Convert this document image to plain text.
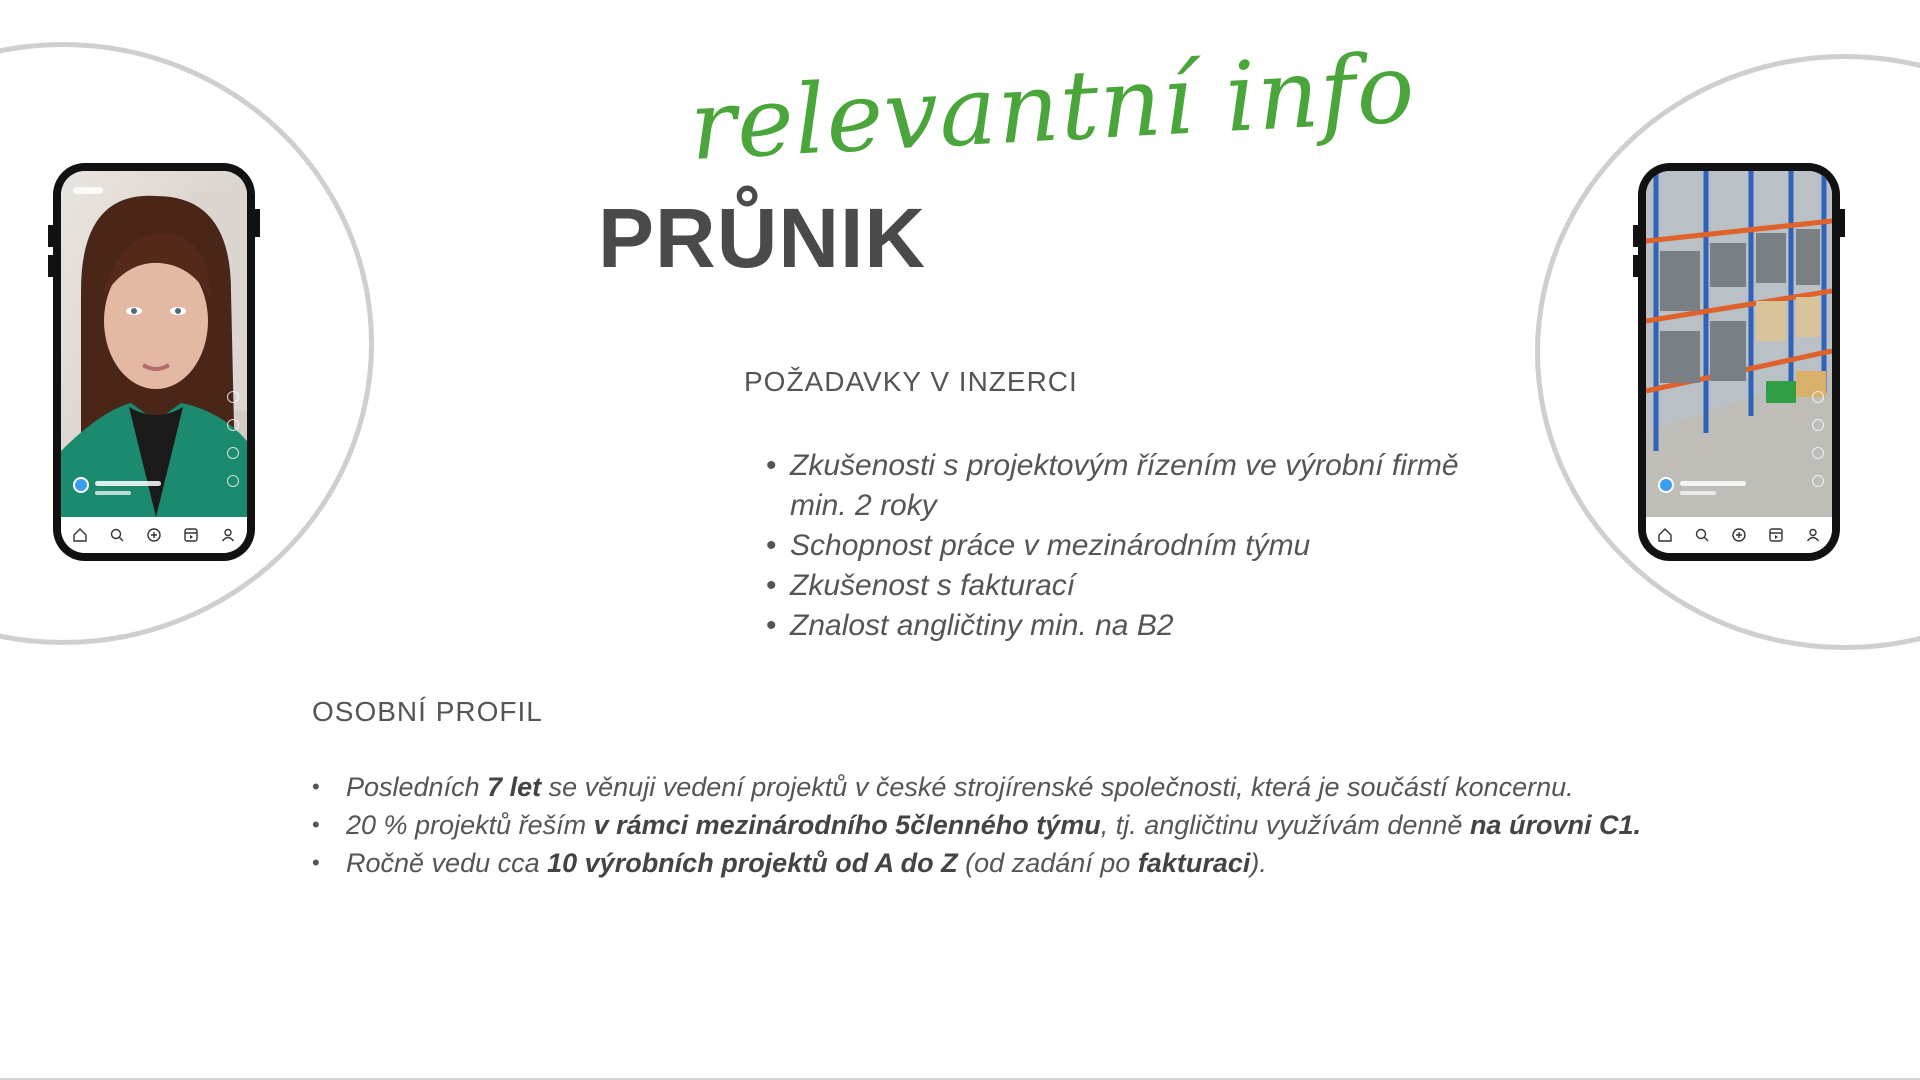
relevantní info
PRŮNIK
POŽADAVKY V INZERCI
• Zkušenosti s projektovým řízením ve výrobní firmě min. 2 roky
• Schopnost práce v mezinárodním týmu
• Zkušenost s fakturací
• Znalost angličtiny min. na B2
OSOBNÍ PROFIL
• Posledních 7 let se věnuji vedení projektů v české strojírenské společnosti, která je součástí koncernu.
• 20 % projektů řeším v rámci mezinárodního 5členného týmu, tj. angličtinu využívám denně na úrovni C1.
• Ročně vedu cca 10 výrobních projektů od A do Z (od zadání po fakturaci).
